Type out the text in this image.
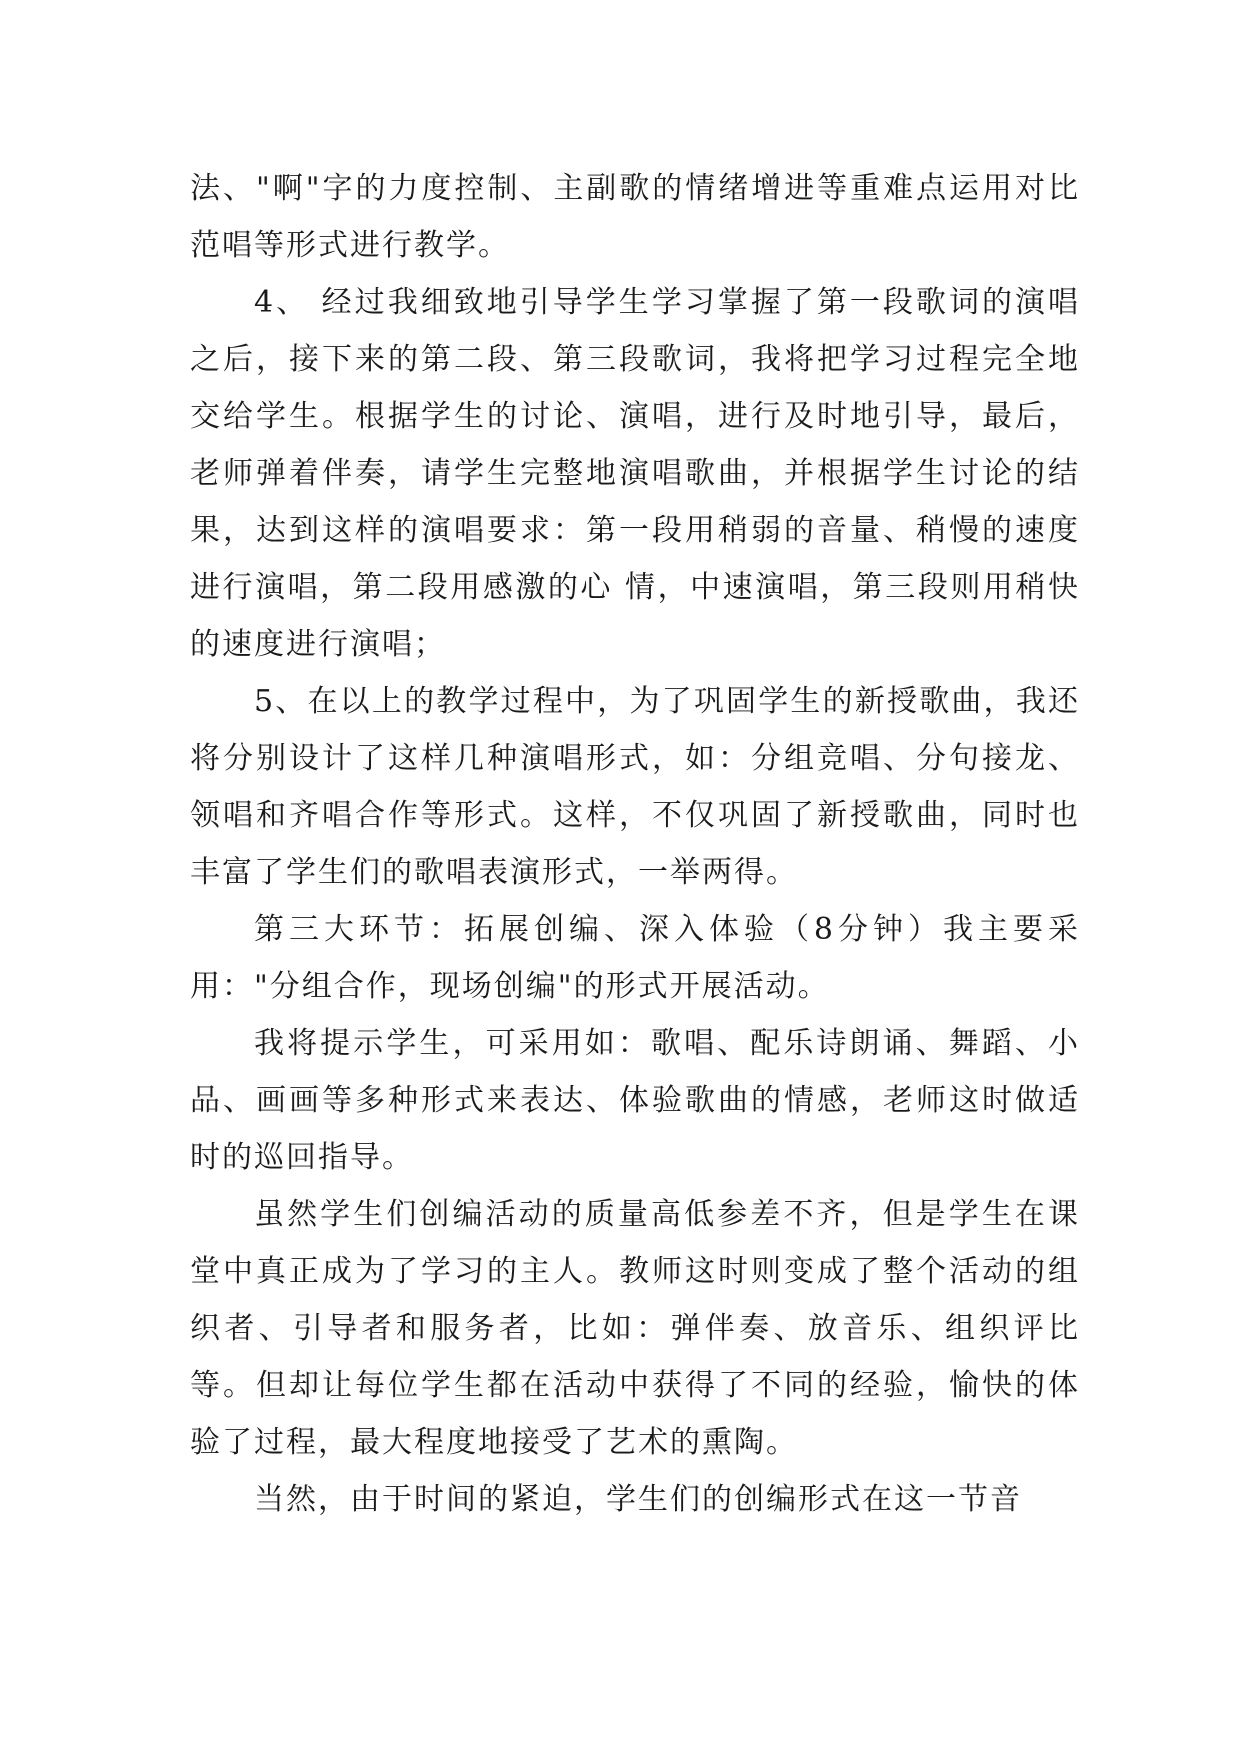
法、"啊"字的力度控制、主副歌的情绪增进等重难点运用对比范唱等形式进行教学。

4、 经过我细致地引导学生学习掌握了第一段歌词的演唱之后，接下来的第二段、第三段歌词，我将把学习过程完全地交给学生。根据学生的讨论、演唱，进行及时地引导，最后，老师弹着伴奏，请学生完整地演唱歌曲，并根据学生讨论的结果，达到这样的演唱要求：第一段用稍弱的音量、稍慢的速度进行演唱，第二段用感激的心 情，中速演唱，第三段则用稍快的速度进行演唱；

5、在以上的教学过程中，为了巩固学生的新授歌曲，我还将分别设计了这样几种演唱形式，如：分组竞唱、分句接龙、领唱和齐唱合作等形式。这样，不仅巩固了新授歌曲，同时也丰富了学生们的歌唱表演形式，一举两得。

第三大环节：拓展创编、深入体验（8分钟）我主要采用："分组合作，现场创编"的形式开展活动。

我将提示学生，可采用如：歌唱、配乐诗朗诵、舞蹈、小品、画画等多种形式来表达、体验歌曲的情感，老师这时做适时的巡回指导。

虽然学生们创编活动的质量高低参差不齐，但是学生在课堂中真正成为了学习的主人。教师这时则变成了整个活动的组织者、引导者和服务者，比如：弹伴奏、放音乐、组织评比等。但却让每位学生都在活动中获得了不同的经验，愉快的体验了过程，最大程度地接受了艺术的熏陶。

当然，由于时间的紧迫，学生们的创编形式在这一节音
